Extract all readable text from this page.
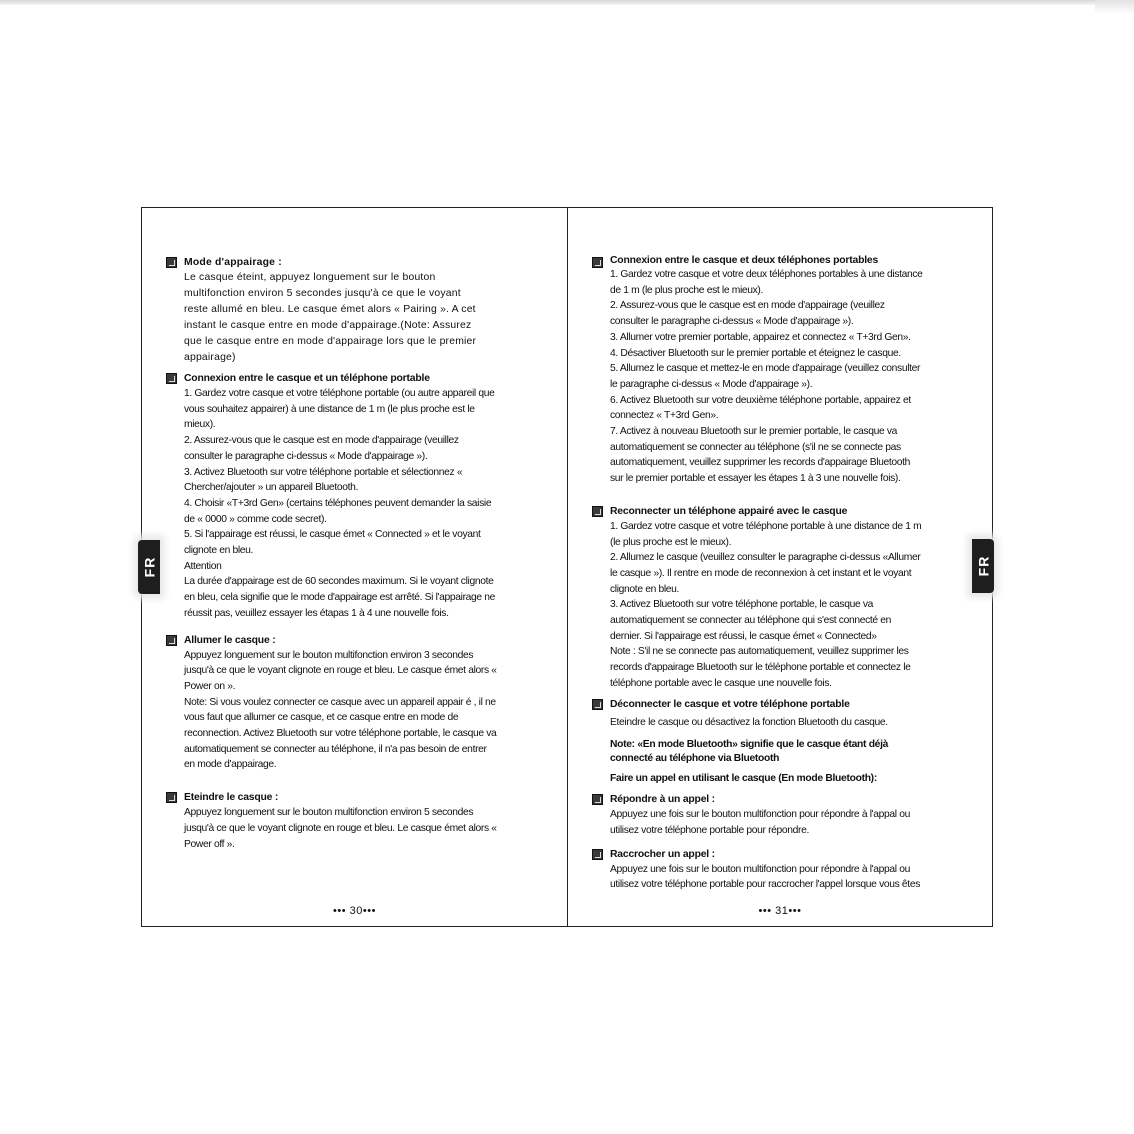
Mode d'appairage :

Le casque éteint, appuyez longuement sur le bouton
multifonction environ 5 secondes jusqu'à ce que le voyant
reste allumé en bleu. Le casque émet alors « Pairing ». A cet
instant le casque entre en mode d'appairage.(Note: Assurez
que le casque entre en mode d'appairage lors que le premier
appairage)

Connexion entre le casque et un téléphone portable

1. Gardez votre casque et votre téléphone portable (ou autre appareil que
vous souhaitez appairer) à une distance de 1 m (le plus proche est le
mieux).
2. Assurez-vous que le casque est en mode d'appairage (veuillez
consulter le paragraphe ci-dessus « Mode d'appairage »).
3. Activez Bluetooth sur votre téléphone portable et sélectionnez «
Chercher/ajouter » un appareil Bluetooth.
4. Choisir «T+3rd Gen» (certains téléphones peuvent demander la saisie
de « 0000 » comme code secret).
5. Si l'appairage est réussi, le casque émet « Connected » et le voyant
clignote en bleu.
Attention
La durée d'appairage est de 60 secondes maximum. Si le voyant clignote
en bleu, cela signifie que le mode d'appairage est arrêté. Si l'appairage ne
réussit pas, veuillez essayer les étapas 1 à 4 une nouvelle fois.

Allumer le casque :

Appuyez longuement sur le bouton multifonction environ 3 secondes
jusqu'à ce que le voyant clignote en rouge et bleu. Le casque émet alors «
Power on ».
Note: Si vous voulez connecter ce casque avec un appareil appair é , il ne
vous faut que allumer ce casque, et ce casque entre en mode de
reconnection. Activez Bluetooth sur votre téléphone portable, le casque va
automatiquement se connecter au téléphone, il n'a pas besoin de entrer
en mode d'appairage.

Eteindre le casque :

Appuyez longuement sur le bouton multifonction environ 5 secondes
jusqu'à ce que le voyant clignote en rouge et bleu. Le casque émet alors «
Power off ».

••• 30•••
Connexion entre le casque et deux téléphones portables

1. Gardez votre casque et votre deux téléphones portables à une distance
de 1 m (le plus proche est le mieux).
2. Assurez-vous que le casque est en mode d'appairage (veuillez
consulter le paragraphe ci-dessus « Mode d'appairage »).
3. Allumer votre premier portable, appairez et connectez « T+3rd Gen».
4. Désactiver Bluetooth sur le premier portable et éteignez le casque.
5. Allumez le casque et mettez-le en mode d'appairage (veuillez consulter
le paragraphe ci-dessus « Mode d'appairage »).
6. Activez Bluetooth sur votre deuxième téléphone portable, appairez et
connectez « T+3rd Gen».
7. Activez à nouveau Bluetooth sur le premier portable, le casque va
automatiquement se connecter au téléphone (s'il ne se connecte pas
automatiquement, veuillez supprimer les records d'appairage Bluetooth
sur le premier portable et essayer les étapes 1 à 3 une nouvelle fois).

Reconnecter un téléphone appairé avec le casque

1. Gardez votre casque et votre téléphone portable à une distance de 1 m
(le plus proche est le mieux).
2. Allumez le casque (veuillez consulter le paragraphe ci-dessus «Allumer
le casque »). Il rentre en mode de reconnexion à cet instant et le voyant
clignote en bleu.
3. Activez Bluetooth sur votre téléphone portable, le casque va
automatiquement se connecter au téléphone qui s'est connecté en
dernier. Si l'appairage est réussi, le casque émet « Connected»
Note : S'il ne se connecte pas automatiquement, veuillez supprimer les
records d'appairage Bluetooth sur le téléphone portable et connectez le
téléphone portable avec le casque une nouvelle fois.

Déconnecter le casque et votre téléphone portable

Eteindre le casque ou désactivez la fonction Bluetooth du casque.

Note: «En mode Bluetooth» signifie que le casque étant déjà
connecté au téléphone via Bluetooth

Faire un appel en utilisant le casque (En mode Bluetooth):

Répondre à un appel :

Appuyez une fois sur le bouton multifonction pour répondre à l'appal ou
utilisez votre téléphone portable pour répondre.

Raccrocher un appel :

Appuyez une fois sur le bouton multifonction pour répondre à l'appal ou
utilisez votre téléphone portable pour raccrocher l'appel lorsque vous êtes

••• 31•••
FR	FR
